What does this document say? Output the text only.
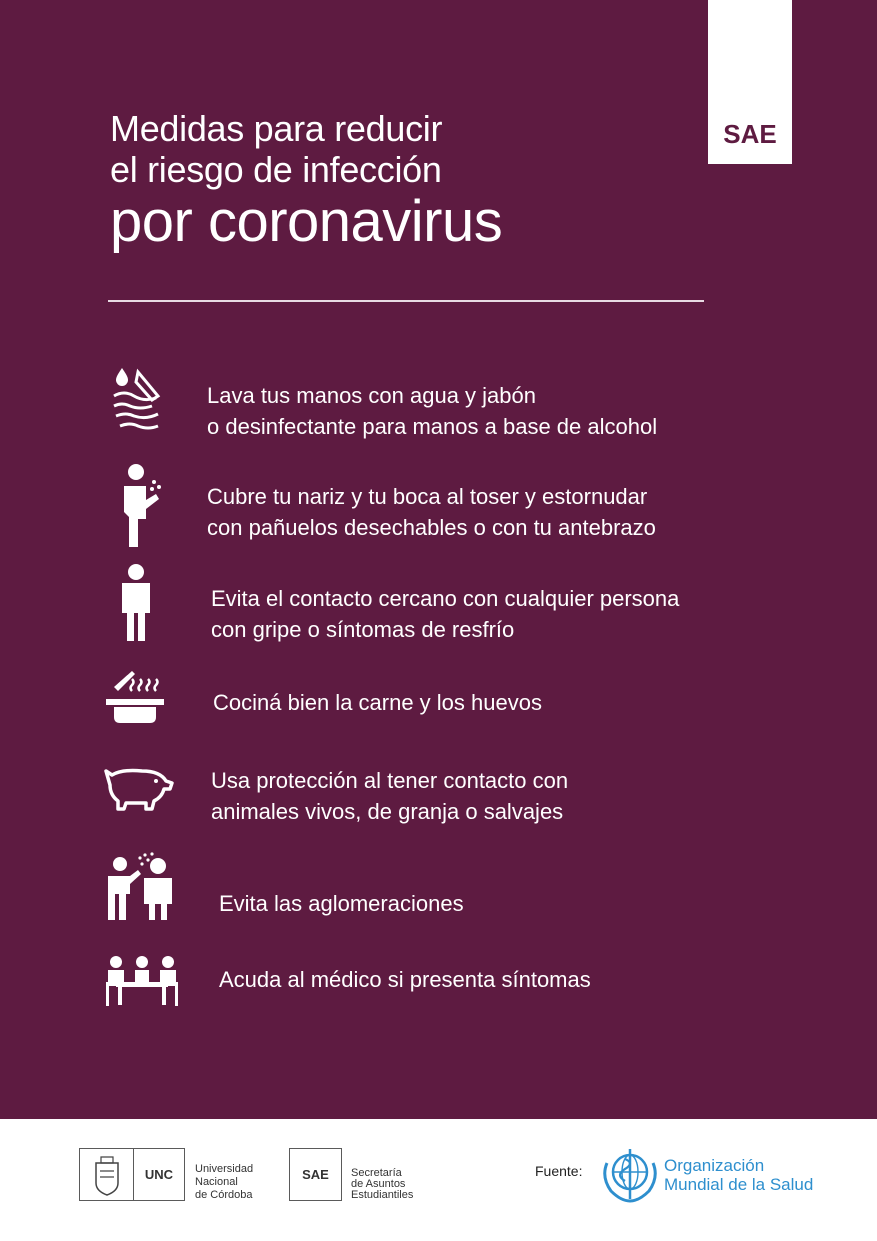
SAE
Medidas para reducir
el riesgo de infección
por coronavirus
Lava tus manos con agua y jabón
o desinfectante para manos a base de alcohol
Cubre tu nariz y tu boca al toser y estornudar
con pañuelos desechables o con tu antebrazo
Evita el contacto cercano con cualquier persona
con gripe o síntomas de resfrío
Cociná bien la carne y los huevos
Usa protección al tener contacto con
animales vivos, de granja o salvajes
Evita las aglomeraciones
Acuda al médico si presenta síntomas
UNC	Universidad
Nacional
de Córdoba
SAE	Secretaría
de Asuntos
Estudiantiles
Fuente:	Organización
Mundial de la Salud
